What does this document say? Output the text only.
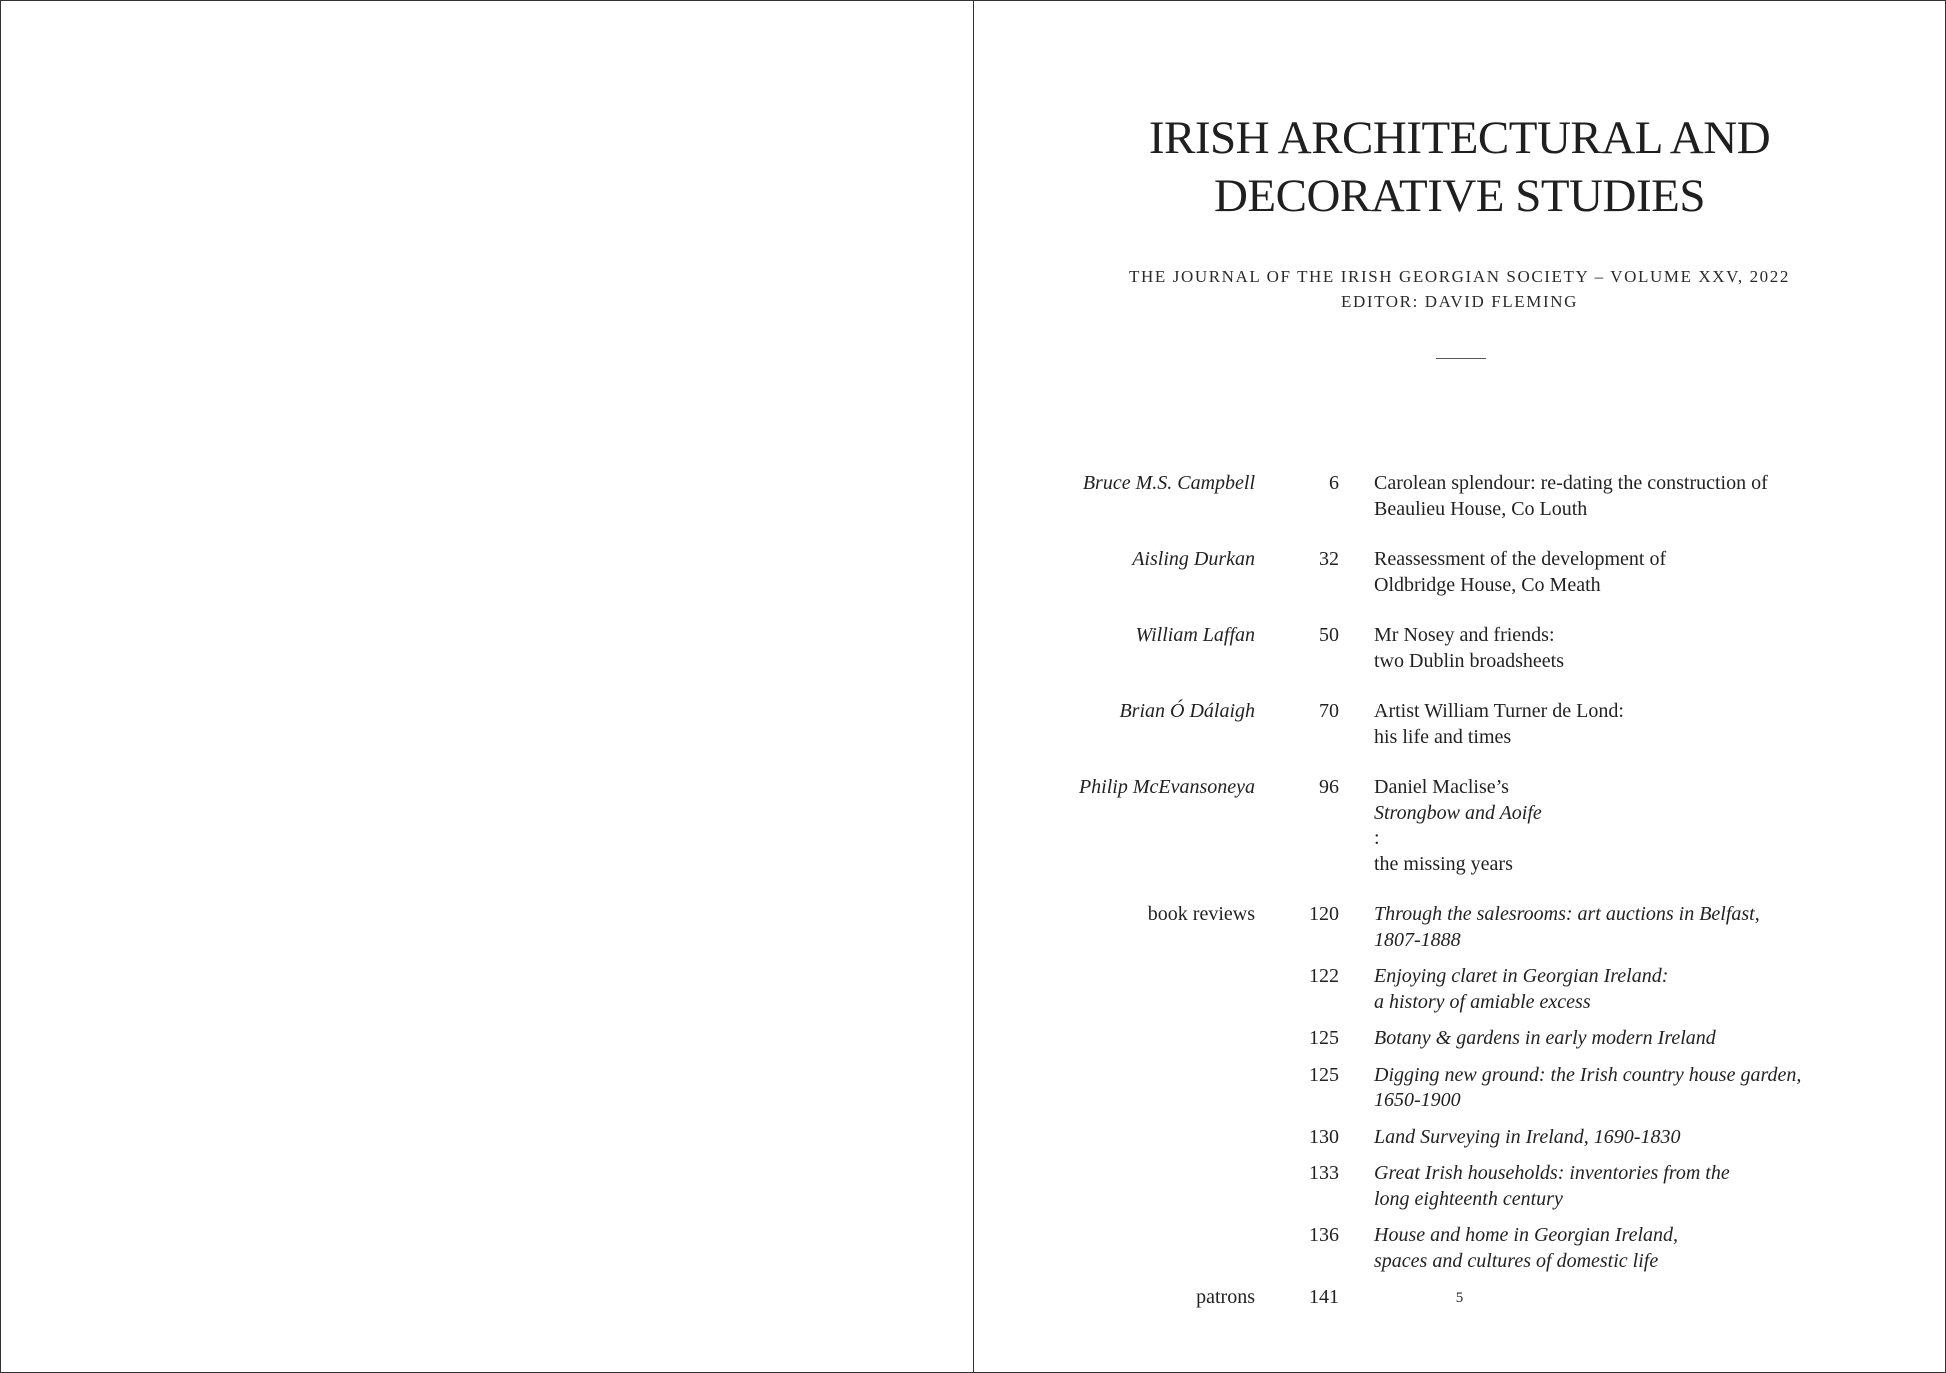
IRISH ARCHITECTURAL AND
DECORATIVE STUDIES
THE JOURNAL OF THE IRISH GEORGIAN SOCIETY – VOLUME XXV, 2022
EDITOR: DAVID FLEMING
Bruce M.S. Campbell	6 Carolean splendour: re-dating the construction of
Beaulieu House, Co Louth
Aisling Durkan	32 Reassessment of the development of
Oldbridge House, Co Meath
William Laffan	50 Mr Nosey and friends:
two Dublin broadsheets
Brian Ó Dálaigh	70 Artist William Turner de Lond:
his life and times
Philip McEvansoneya	96 Daniel Maclise’s
Strongbow and Aoife
:
the missing years
book reviews	120 Through the salesrooms: art auctions in Belfast,
1807-1888
122 Enjoying claret in Georgian Ireland:
a history of amiable excess
125 Botany & gardens in early modern Ireland
125 Digging new ground: the Irish country house garden,
1650-1900
130 Land Surveying in Ireland, 1690-1830
133 Great Irish households: inventories from the
long eighteenth century
136 House and home in Georgian Ireland,
spaces and cultures of domestic life
patrons	141
	5
